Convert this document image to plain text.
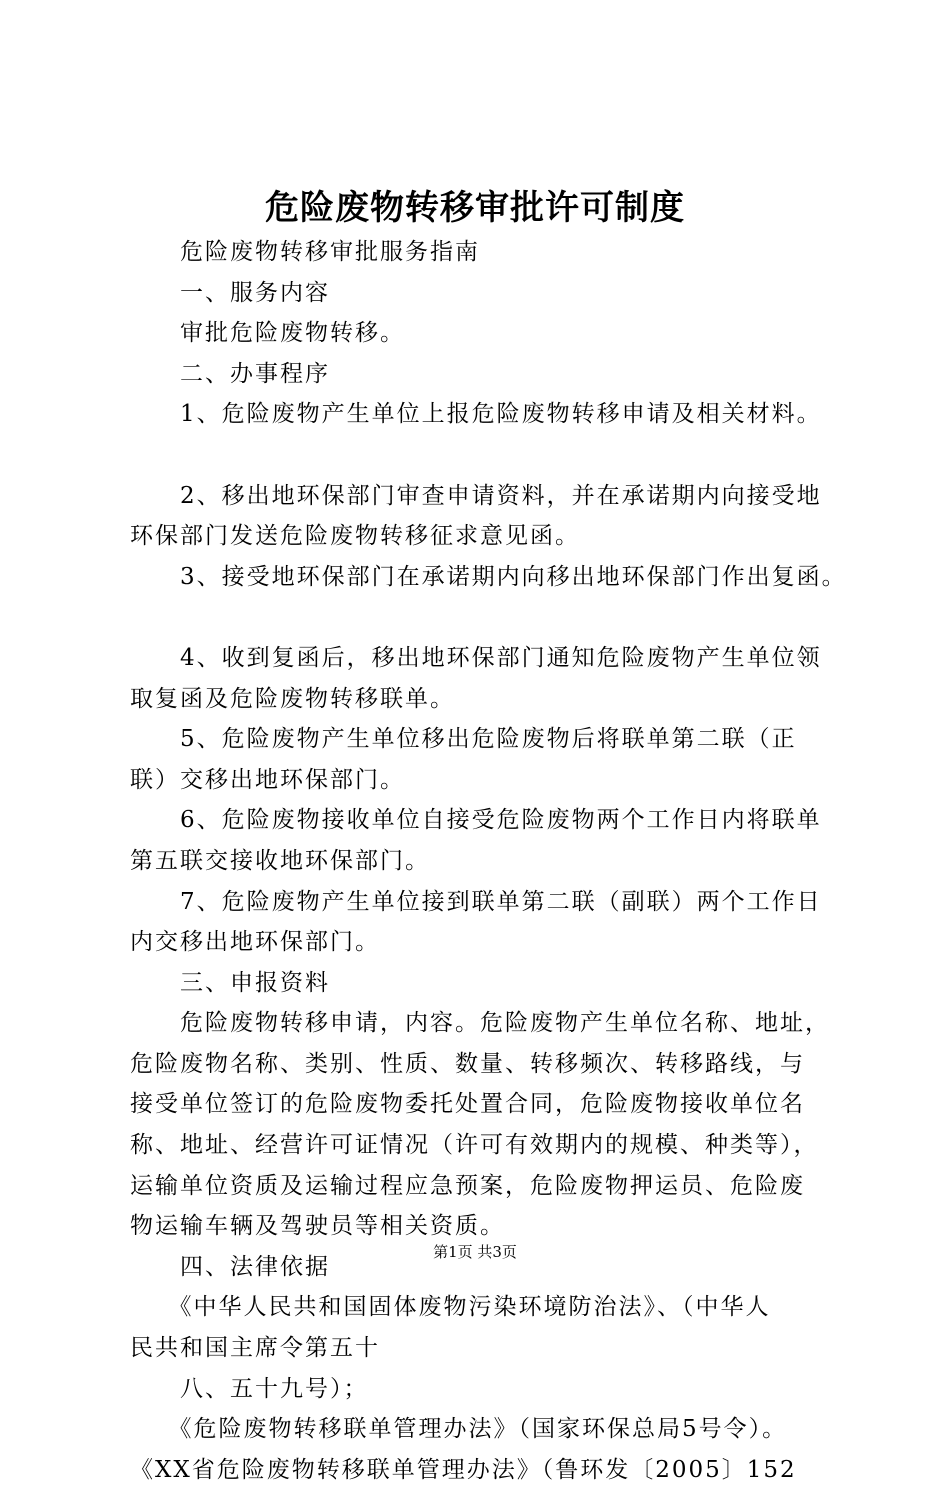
危险废物转移审批许可制度

　　危险废物转移审批服务指南

　　一、服务内容

　　审批危险废物转移。

　　二、办事程序

　　1、危险废物产生单位上报危险废物转移申请及相关材料。

　　2、移出地环保部门审查申请资料，并在承诺期内向接受地

环保部门发送危险废物转移征求意见函。

　　3、接受地环保部门在承诺期内向移出地环保部门作出复函。

　　4、收到复函后，移出地环保部门通知危险废物产生单位领

取复函及危险废物转移联单。

　　5、危险废物产生单位移出危险废物后将联单第二联（正

联）交移出地环保部门。

　　6、危险废物接收单位自接受危险废物两个工作日内将联单

第五联交接收地环保部门。

　　7、危险废物产生单位接到联单第二联（副联）两个工作日

内交移出地环保部门。

　　三、申报资料

　　危险废物转移申请，内容。危险废物产生单位名称、地址，

危险废物名称、类别、性质、数量、转移频次、转移路线，与

接受单位签订的危险废物委托处置合同，危险废物接收单位名

称、地址、经营许可证情况（许可有效期内的规模、种类等），

运输单位资质及运输过程应急预案，危险废物押运员、危险废

物运输车辆及驾驶员等相关资质。

　　四、法律依据

　　《中华人民共和国固体废物污染环境防治法》、（中华人

民共和国主席令第五十

　　八、五十九号）；

　　《危险废物转移联单管理办法》（国家环保总局5号令）。

《XX省危险废物转移联单管理办法》（鲁环发〔2005〕152

第1页 共3页
